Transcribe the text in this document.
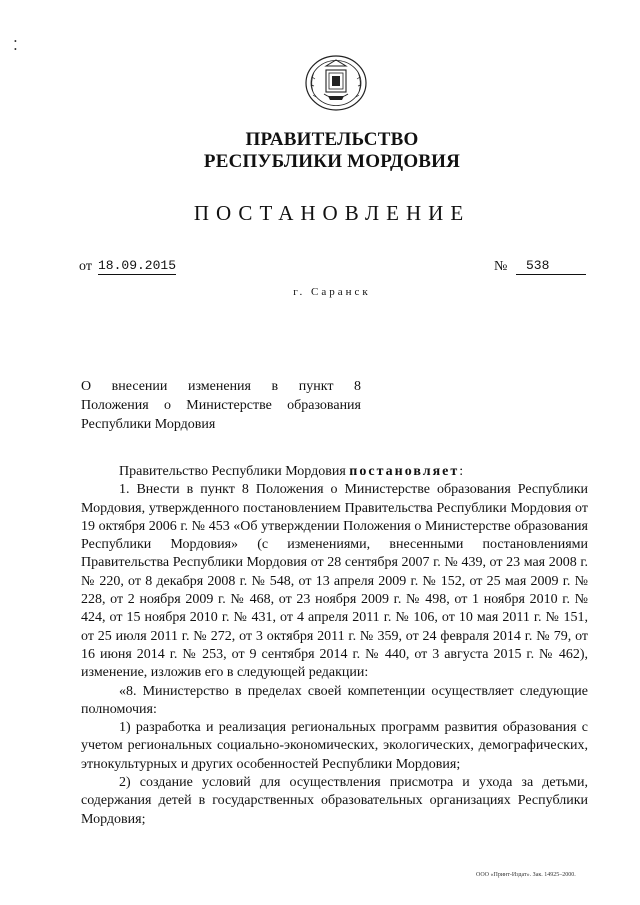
•
•
ПРАВИТЕЛЬСТВО
РЕСПУБЛИКИ МОРДОВИЯ
ПОСТАНОВЛЕНИЕ
от 18.09.2015	№	538
г. Саранск
О внесении изменения в пункт 8
Положения о Министерстве образования
Республики Мордовия

Правительство Республики Мордовия постановляет:

1. Внести в пункт 8 Положения о Министерстве образования Республики Мордовия, утвержденного постановлением Правительства Республики Мордовия от 19 октября 2006 г. № 453 «Об утверждении Положения о Министерстве образования Республики Мордовия» (с изменениями, внесенными постановлениями Правительства Республики Мордовия от 28 сентября 2007 г. № 439, от 23 мая 2008 г. № 220, от 8 декабря 2008 г. № 548, от 13 апреля 2009 г. № 152, от 25 мая 2009 г. № 228, от 2 ноября 2009 г. № 468, от 23 ноября 2009 г. № 498, от 1 ноября 2010 г. № 424, от 15 ноября 2010 г. № 431, от 4 апреля 2011 г. № 106, от 10 мая 2011 г. № 151, от 25 июля 2011 г. № 272, от 3 октября 2011 г. № 359, от 24 февраля 2014 г. № 79, от 16 июня 2014 г. № 253, от 9 сентября 2014 г. № 440, от 3 августа 2015 г. № 462), изменение, изложив его в следующей редакции:

«8. Министерство в пределах своей компетенции осуществляет следующие полномочия:

1) разработка и реализация региональных программ развития образования с учетом региональных социально-экономических, экологических, демографических, этнокультурных и других особенностей Республики Мордовия;

2) создание условий для осуществления присмотра и ухода за детьми, содержания детей в государственных образовательных организациях Республики Мордовия;

ООО «Принт-Издат». Зак. 14925–2000.
